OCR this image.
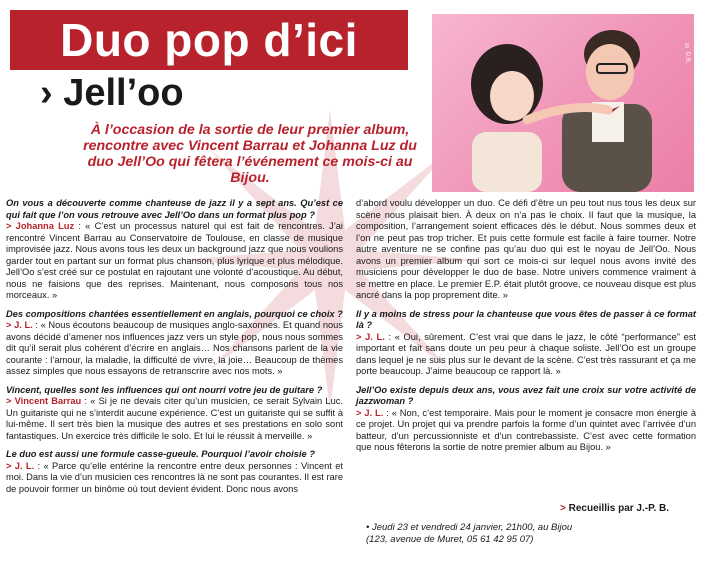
Duo pop d’ici
› Jell’oo
© D.R.
À l’occasion de la sortie de leur premier album, rencontre avec Vincent Barrau et Johanna Luz du duo Jell’Oo qui fêtera l’événement ce mois-ci au Bijou.

On vous a découverte comme chanteuse de jazz il y a sept ans. Qu’est ce qui fait que l’on vous retrouve avec Jell’Oo dans un format plus pop ?

> Johanna Luz : « C’est un processus naturel qui est fait de rencontres. J’ai rencontré Vincent Barrau au Conservatoire de Toulouse, en classe de musique improvisée jazz. Nous avons tous les deux un background jazz que nous voulions garder tout en partant sur un format plus chanson, plus lyrique et plus mélodique. Jell’Oo s’est créé sur ce postulat en rajoutant une volonté d’acoustique. Au début, nous ne faisions que des reprises. Maintenant, nous composons tous nos morceaux. »

Des compositions chantées essentiellement en anglais, pourquoi ce choix ?

> J. L. : « Nous écoutons beaucoup de musiques anglo-saxonnes. Et quand nous avons décidé d’amener nos influences jazz vers un style pop, nous nous sommes dit qu’il serait plus cohérent d’écrire en anglais… Nos chansons parlent de la vie courante : l’amour, la maladie, la difficulté de vivre, la joie… Beaucoup de thèmes assez simples que nous essayons de retranscrire avec nos mots. »

Vincent, quelles sont les influences qui ont nourri votre jeu de guitare ?

> Vincent Barrau : « Si je ne devais citer qu’un musicien, ce serait Sylvain Luc. Un guitariste qui ne s’interdit aucune expérience. C’est un guitariste qui se suffit à lui-même. Il sert très bien la musique des autres et ses prestations en solo sont fantastiques. Un exercice très difficile le solo. Et lui le réussit à merveille. »

Le duo est aussi une formule casse-gueule. Pourquoi l’avoir choisie ?

> J. L. : « Parce qu’elle entérine la rencontre entre deux personnes : Vincent et moi. Dans la vie d’un musicien ces rencontres là ne sont pas courantes. Il est rare de pouvoir former un binôme où tout devient évident. Donc nous avons

d’abord voulu développer un duo. Ce défi d’être un peu tout nus tous les deux sur scène nous plaisait bien. À deux on n’a pas le choix. Il faut que la musique, la composition, l’arrangement soient efficaces dès le début. Nous sommes deux et l’on ne peut pas trop tricher. Et puis cette formule est facile à faire tourner. Notre autre aventure ne se confine pas qu’au duo qui est le noyau de Jell’Oo. Nous avons un premier album qui sort ce mois-ci sur lequel nous avons invité des musiciens pour développer le duo de base. Notre univers commence vraiment à se mettre en place. Le premier E.P. était plutôt groove, ce nouveau disque est plus ancré dans la pop proprement dite. »

Il y a moins de stress pour la chanteuse que vous êtes de passer à ce format là ?

> J. L. : « Oui, sûrement. C’est vrai que dans le jazz, le côté “performance” est important et fait sans doute un peu peur à chaque soliste. Jell’Oo est un groupe dans lequel je ne suis plus sur le devant de la scène. C’est très rassurant et ça me porte beaucoup. J’aime beaucoup ce rapport là. »

Jell’Oo existe depuis deux ans, vous avez fait une croix sur votre activité de jazzwoman ?

> J. L. : « Non, c’est temporaire. Mais pour le moment je consacre mon énergie à ce projet. Un projet qui va prendre parfois la forme d’un quintet avec l’arrivée d’un batteur, d’un percussionniste et d’un contrebassiste. C’est avec cette formation que nous fêterons la sortie de notre premier album au Bijou. »

> Recueillis par J.-P. B.
• Jeudi 23 et vendredi 24 janvier, 21h00, au Bijou
(123, avenue de Muret, 05 61 42 95 07)
